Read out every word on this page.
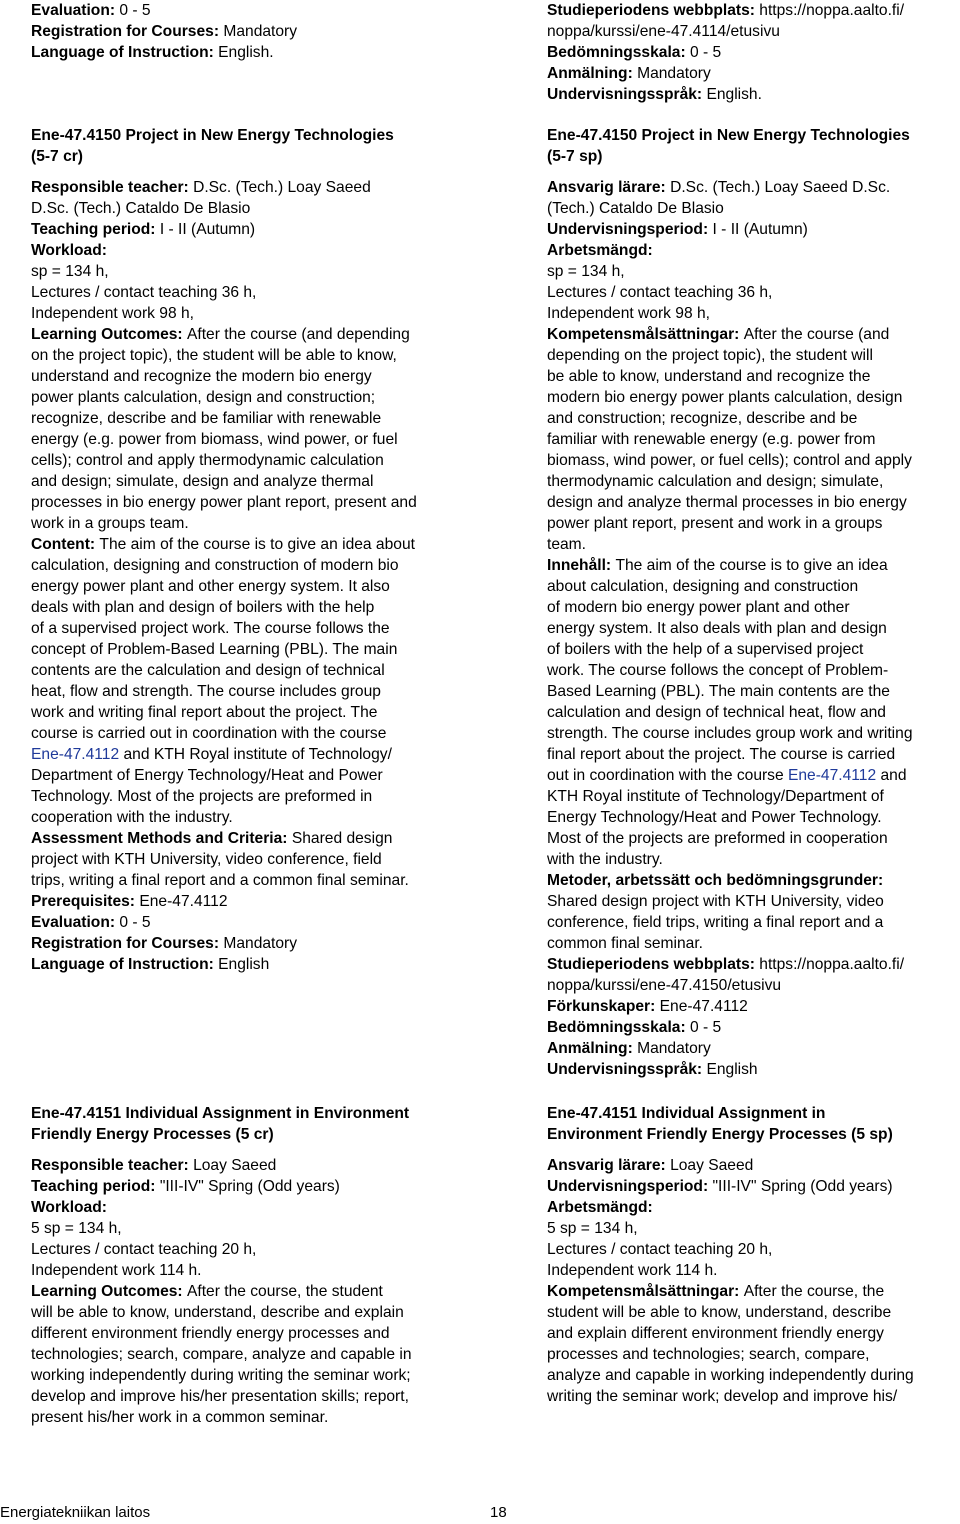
Evaluation: 0 - 5
Registration for Courses: Mandatory
Language of Instruction: English.
Ene-47.4150 Project in New Energy Technologies
(5-7 cr)
Responsible teacher: D.Sc. (Tech.) Loay Saeed
D.Sc. (Tech.) Cataldo De Blasio
Teaching period: I - II (Autumn)
Workload:
sp = 134 h,
Lectures / contact teaching 36 h,
Independent work 98 h,
Learning Outcomes: After the course (and depending
on the project topic), the student will be able to know,
understand and recognize the modern bio energy
power plants calculation, design and construction;
recognize, describe and be familiar with renewable
energy (e.g. power from biomass, wind power, or fuel
cells); control and apply thermodynamic calculation
and design; simulate, design and analyze thermal
processes in bio energy power plant report, present and
work in a groups team.
Content: The aim of the course is to give an idea about
calculation, designing and construction of modern bio
energy power plant and other energy system. It also
deals with plan and design of boilers with the help
of a supervised project work. The course follows the
concept of Problem-Based Learning (PBL). The main
contents are the calculation and design of technical
heat, flow and strength. The course includes group
work and writing final report about the project. The
course is carried out in coordination with the course
Ene-47.4112 and KTH Royal institute of Technology/
Department of Energy Technology/Heat and Power
Technology. Most of the projects are preformed in
cooperation with the industry.
Assessment Methods and Criteria: Shared design
project with KTH University, video conference, field
trips, writing a final report and a common final seminar.
Prerequisites: Ene-47.4112
Evaluation: 0 - 5
Registration for Courses: Mandatory
Language of Instruction: English
Ene-47.4151 Individual Assignment in Environment
Friendly Energy Processes (5 cr)
Responsible teacher: Loay Saeed
Teaching period: "III-IV" Spring (Odd years)
Workload:
5 sp = 134 h,
Lectures / contact teaching 20 h,
Independent work 114 h.
Learning Outcomes: After the course, the student
will be able to know, understand, describe and explain
different environment friendly energy processes and
technologies; search, compare, analyze and capable in
working independently during writing the seminar work;
develop and improve his/her presentation skills; report,
present his/her work in a common seminar.
Studieperiodens webbplats: https://noppa.aalto.fi/
noppa/kurssi/ene-47.4114/etusivu
Bedömningsskala: 0 - 5
Anmälning: Mandatory
Undervisningsspråk: English.
Ene-47.4150 Project in New Energy Technologies
(5-7 sp)
Ansvarig lärare: D.Sc. (Tech.) Loay Saeed D.Sc.
(Tech.) Cataldo De Blasio
Undervisningsperiod: I - II (Autumn)
Arbetsmängd:
sp = 134 h,
Lectures / contact teaching 36 h,
Independent work 98 h,
Kompetensmålsättningar: After the course (and
depending on the project topic), the student will
be able to know, understand and recognize the
modern bio energy power plants calculation, design
and construction; recognize, describe and be
familiar with renewable energy (e.g. power from
biomass, wind power, or fuel cells); control and apply
thermodynamic calculation and design; simulate,
design and analyze thermal processes in bio energy
power plant report, present and work in a groups
team.
Innehåll: The aim of the course is to give an idea
about calculation, designing and construction
of modern bio energy power plant and other
energy system. It also deals with plan and design
of boilers with the help of a supervised project
work. The course follows the concept of Problem-
Based Learning (PBL). The main contents are the
calculation and design of technical heat, flow and
strength. The course includes group work and writing
final report about the project. The course is carried
out in coordination with the course Ene-47.4112 and
KTH Royal institute of Technology/Department of
Energy Technology/Heat and Power Technology.
Most of the projects are preformed in cooperation
with the industry.
Metoder, arbetssätt och bedömningsgrunder:
Shared design project with KTH University, video
conference, field trips, writing a final report and a
common final seminar.
Studieperiodens webbplats: https://noppa.aalto.fi/
noppa/kurssi/ene-47.4150/etusivu
Förkunskaper: Ene-47.4112
Bedömningsskala: 0 - 5
Anmälning: Mandatory
Undervisningsspråk: English
Ene-47.4151 Individual Assignment in
Environment Friendly Energy Processes (5 sp)
Ansvarig lärare: Loay Saeed
Undervisningsperiod: "III-IV" Spring (Odd years)
Arbetsmängd:
5 sp = 134 h,
Lectures / contact teaching 20 h,
Independent work 114 h.
Kompetensmålsättningar: After the course, the
student will be able to know, understand, describe
and explain different environment friendly energy
processes and technologies; search, compare,
analyze and capable in working independently during
writing the seminar work; develop and improve his/
Energiatekniikan laitos	18
